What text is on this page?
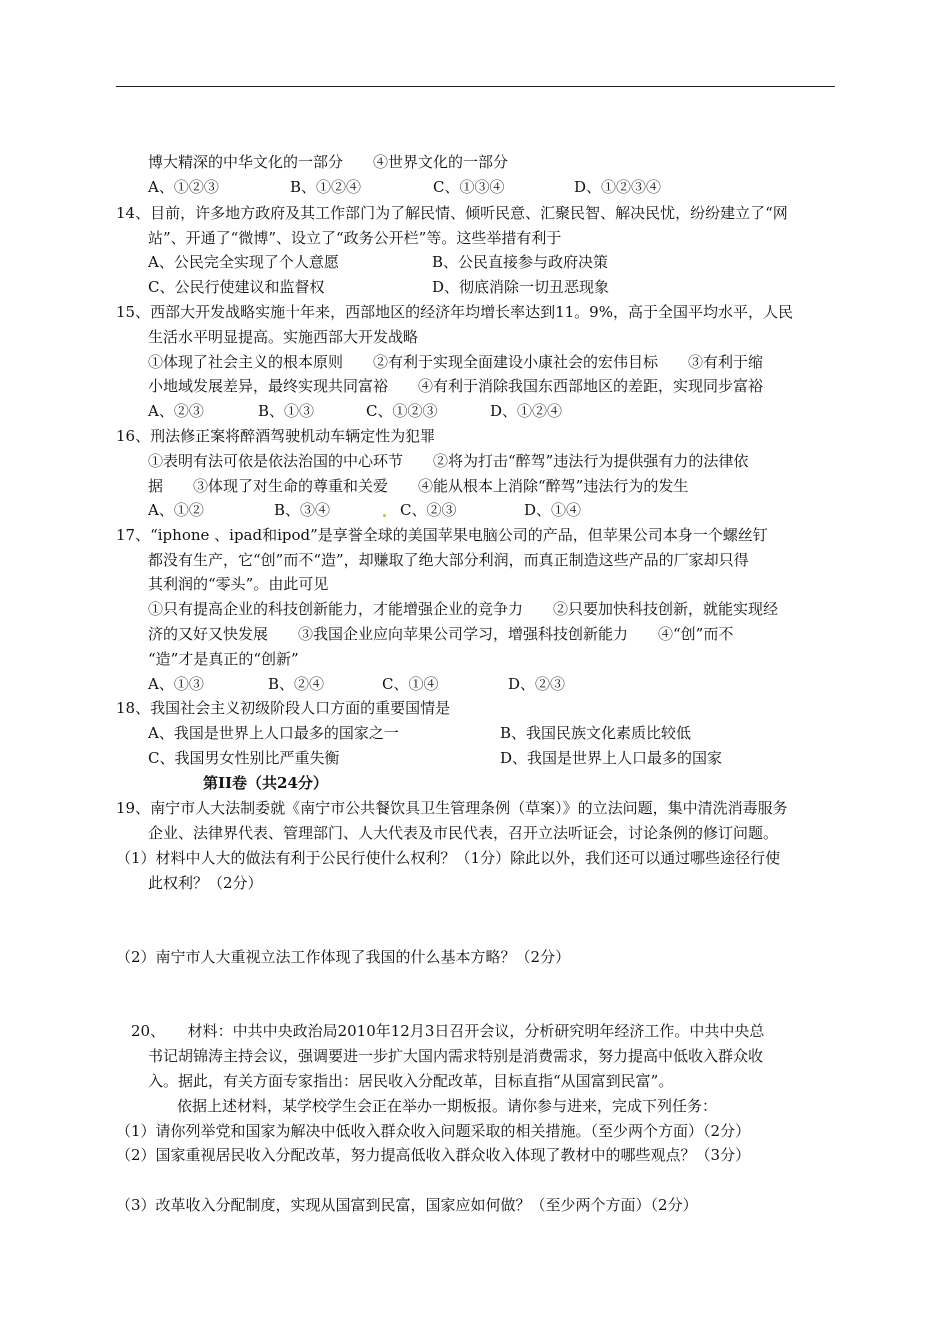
博大精深的中华文化的一部分　　④世界文化的一部分
A、①②③	B、①②④	C、①③④	D、①②③④
14、目前，许多地方政府及其工作部门为了解民情、倾听民意、汇聚民智、解决民忧，纷纷建立了“网
站”、开通了“微博”、设立了“政务公开栏”等。这些举措有利于
A、公民完全实现了个人意愿	B、公民直接参与政府决策
C、公民行使建议和监督权	D、彻底消除一切丑恶现象
15、西部大开发战略实施十年来，西部地区的经济年均增长率达到11。9%，高于全国平均水平，人民
生活水平明显提高。实施西部大开发战略
①体现了社会主义的根本原则　　②有利于实现全面建设小康社会的宏伟目标　　③有利于缩
小地域发展差异，最终实现共同富裕　　④有利于消除我国东西部地区的差距，实现同步富裕
A、②③	B、①③	C、①②③	D、①②④
16、刑法修正案将醉酒驾驶机动车辆定性为犯罪
①表明有法可依是依法治国的中心环节　　②将为打击“醉驾”违法行为提供强有力的法律依
据　　③体现了对生命的尊重和关爱　　④能从根本上消除“醉驾”违法行为的发生
A、①②	B、③④	C、②③	D、①④
17、“iphone 、ipad和ipod”是享誉全球的美国苹果电脑公司的产品，但苹果公司本身一个螺丝钉
都没有生产，它“创”而不“造”，却赚取了绝大部分利润，而真正制造这些产品的厂家却只得
其利润的“零头”。由此可见
①只有提高企业的科技创新能力，才能增强企业的竞争力　　②只要加快科技创新，就能实现经
济的又好又快发展　　③我国企业应向苹果公司学习，增强科技创新能力　　④“创”而不
“造”才是真正的“创新”
A、①③	B、②④	C、①④	D、②③
18、我国社会主义初级阶段人口方面的重要国情是
A、我国是世界上人口最多的国家之一	B、我国民族文化素质比较低
C、我国男女性别比严重失衡	D、我国是世界上人口最多的国家
第II卷（共24分）
19、南宁市人大法制委就《南宁市公共餐饮具卫生管理条例（草案）》的立法问题，集中清洗消毒服务
企业、法律界代表、管理部门、人大代表及市民代表，召开立法听证会，讨论条例的修订问题。
（1）材料中人大的做法有利于公民行使什么权利？（1分）除此以外，我们还可以通过哪些途径行使
此权利？（2分）
（2）南宁市人大重视立法工作体现了我国的什么基本方略？（2分）
20、　　材料：中共中央政治局2010年12月3日召开会议，分析研究明年经济工作。中共中央总
书记胡锦涛主持会议，强调要进一步扩大国内需求特别是消费需求，努力提高中低收入群众收
入。据此，有关方面专家指出：居民收入分配改革，目标直指“从国富到民富”。
依据上述材料，某学校学生会正在举办一期板报。请你参与进来，完成下列任务：
（1）请你列举党和国家为解决中低收入群众收入问题采取的相关措施。（至少两个方面）（2分）
（2）国家重视居民收入分配改革，努力提高低收入群众收入体现了教材中的哪些观点？（3分）
（3）改革收入分配制度，实现从国富到民富，国家应如何做？（至少两个方面）（2分）
